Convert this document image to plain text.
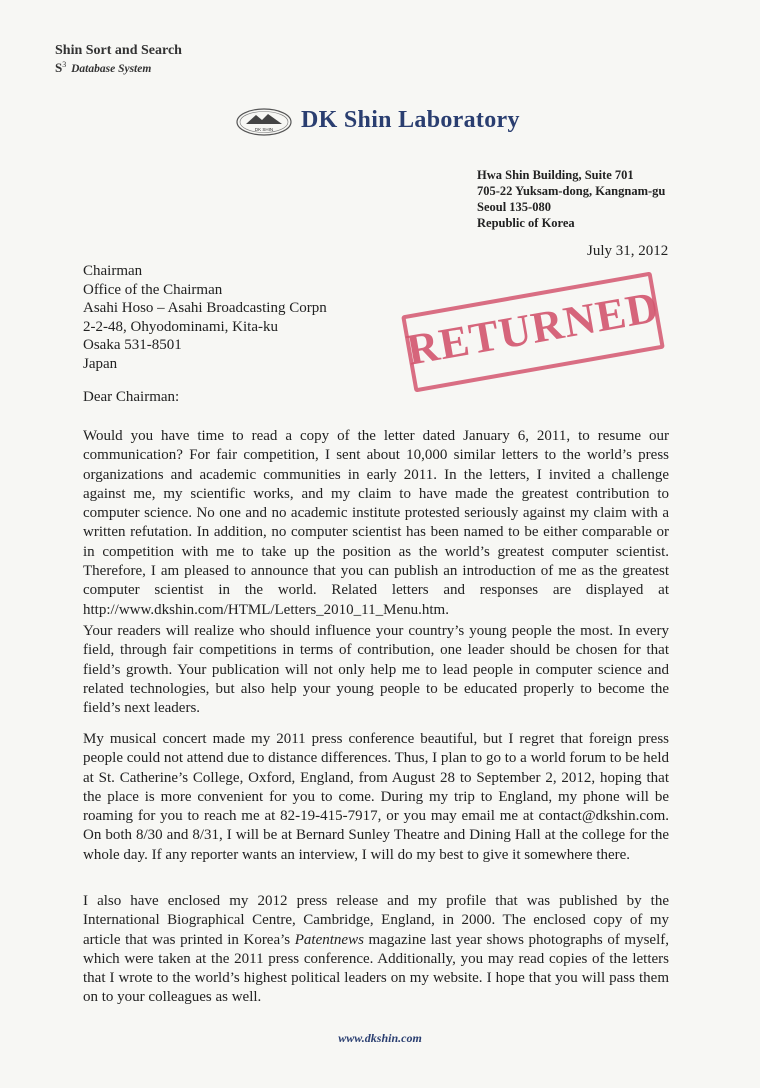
Shin Sort and Search
$S^3$ Database System
DK SHIN DK Shin Laboratory
Hwa Shin Building, Suite 701
705-22 Yuksam-dong, Kangnam-gu
Seoul 135-080
Republic of Korea
July 31, 2012
Chairman
Office of the Chairman
Asahi Hoso – Asahi Broadcasting Corpn
2-2-48, Ohyodominami, Kita-ku
Osaka 531-8501
Japan	RETURNED
Dear Chairman:

Would you have time to read a copy of the letter dated January 6, 2011, to resume our communication? For fair competition, I sent about 10,000 similar letters to the world’s press organizations and academic communities in early 2011. In the letters, I invited a challenge against me, my scientific works, and my claim to have made the greatest contribution to computer science. No one and no academic institute protested seriously against my claim with a written refutation. In addition, no computer scientist has been named to be either comparable or in competition with me to take up the position as the world’s greatest computer scientist. Therefore, I am pleased to announce that you can publish an introduction of me as the greatest computer scientist in the world. Related letters and responses are displayed at http://www.dkshin.com/HTML/Letters_2010_11_Menu.htm.

Your readers will realize who should influence your country’s young people the most. In every field, through fair competitions in terms of contribution, one leader should be chosen for that field’s growth. Your publication will not only help me to lead people in computer science and related technologies, but also help your young people to be educated properly to become the field’s next leaders.

My musical concert made my 2011 press conference beautiful, but I regret that foreign press people could not attend due to distance differences. Thus, I plan to go to a world forum to be held at St. Catherine’s College, Oxford, England, from August 28 to September 2, 2012, hoping that the place is more convenient for you to come. During my trip to England, my phone will be roaming for you to reach me at 82-19-415-7917, or you may email me at contact@dkshin.com. On both 8/30 and 8/31, I will be at Bernard Sunley Theatre and Dining Hall at the college for the whole day. If any reporter wants an interview, I will do my best to give it somewhere there.

I also have enclosed my 2012 press release and my profile that was published by the International Biographical Centre, Cambridge, England, in 2000. The enclosed copy of my article that was printed in Korea’s Patentnews magazine last year shows photographs of myself, which were taken at the 2011 press conference. Additionally, you may read copies of the letters that I wrote to the world’s highest political leaders on my website. I hope that you will pass them on to your colleagues as well.

www.dkshin.com
